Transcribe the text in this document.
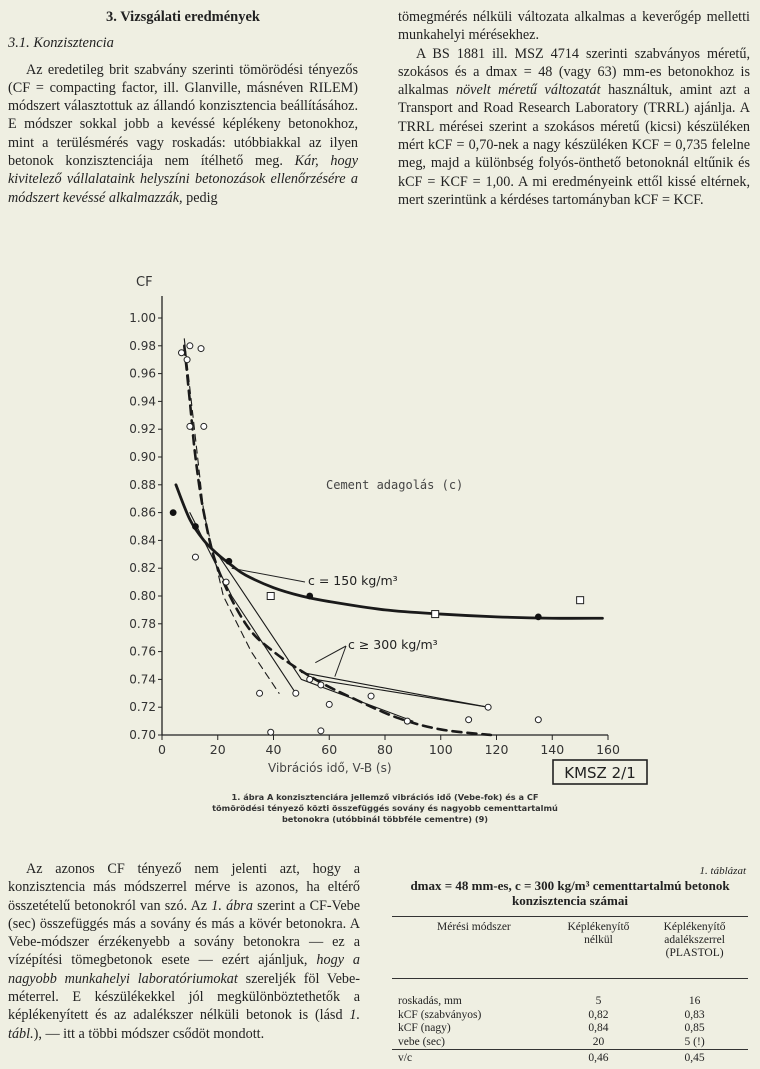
3. Vizsgálati eredmények
3.1. Konzisztencia

Az eredetileg brit szabvány szerinti tömörödési tényezős (CF = compacting factor, ill. Glanville, másnéven RILEM) módszert választottuk az állandó konzisztencia beállításához. E módszer sokkal jobb a kevéssé képlékeny betonokhoz, mint a terülésmérés vagy roskadás: utóbbiakkal az ilyen betonok konzisztenciája nem ítélhető meg. Kár, hogy kivitelező vállalataink helyszíni betonozások ellenőrzésére a módszert kevéssé alkalmazzák, pedig

tömegmérés nélküli változata alkalmas a keverőgép melletti munkahelyi mérésekhez.

A BS 1881 ill. MSZ 4714 szerinti szabványos méretű, szokásos és a dmax = 48 (vagy 63) mm-es betonokhoz is alkalmas növelt méretű változatát használtuk, amint azt a Transport and Road Research Laboratory (TRRL) ajánlja. A TRRL mérései szerint a szokásos méretű (kicsi) készüléken mért kCF = 0,70-nek a nagy készüléken KCF = 0,735 felelne meg, majd a különbség folyós-önthető betonoknál eltűnik és kCF = KCF = 1,00. A mi eredményeink ettől kissé eltérnek, mert szerintünk a kérdéses tartományban kCF = KCF.

0	20	40	60	80	100	120	140	160
1.00
0.98
0.96
0.94
0.92
0.90
0.88
0.86
0.84
0.82
0.80
0.78
0.76
0.74
0.72
0.70
CF
Vibrációs idő, V-B (s)
Cement adagolás (c)
c = 150 kg/m³
c ≥ 300 kg/m³
KMSZ 2/1
1. ábra A konzisztenciára jellemző vibrációs idő (Vebe-fok) és a CF tömörödési tényező közti összefüggés sovány és nagyobb cementtartalmú betonokra (utóbbinál többféle cementre) (9)

Az azonos CF tényező nem jelenti azt, hogy a konzisztencia más módszerrel mérve is azonos, ha eltérő összetételű betonokról van szó. Az 1. ábra szerint a CF-Vebe (sec) összefüggés más a sovány és más a kövér betonokra. A Vebe-módszer érzékenyebb a sovány betonokra — ez a vízépítési tömegbetonok esete — ezért ajánljuk, hogy a nagyobb munkahelyi laboratóriumokat szereljék föl Vebe-méterrel. E készülékekkel jól megkülönböztethetők a képlékenyített és az adalékszer nélküli betonok is (lásd 1. tábl.), — itt a többi módszer csődöt mondott.

1. táblázat
dmax = 48 mm-es, c = 300 kg/m³ cementtartalmú betonok konzisztencia számai
Mérési módszer	Képlékenyítő nélkül	Képlékenyítő adalékszerrel (PLASTOL)
roskadás, mm	5	16
kCF (szabványos)	0,82	0,83
kCF (nagy)	0,84	0,85
vebe (sec)	20	5 (!)
v/c	0,46	0,45
